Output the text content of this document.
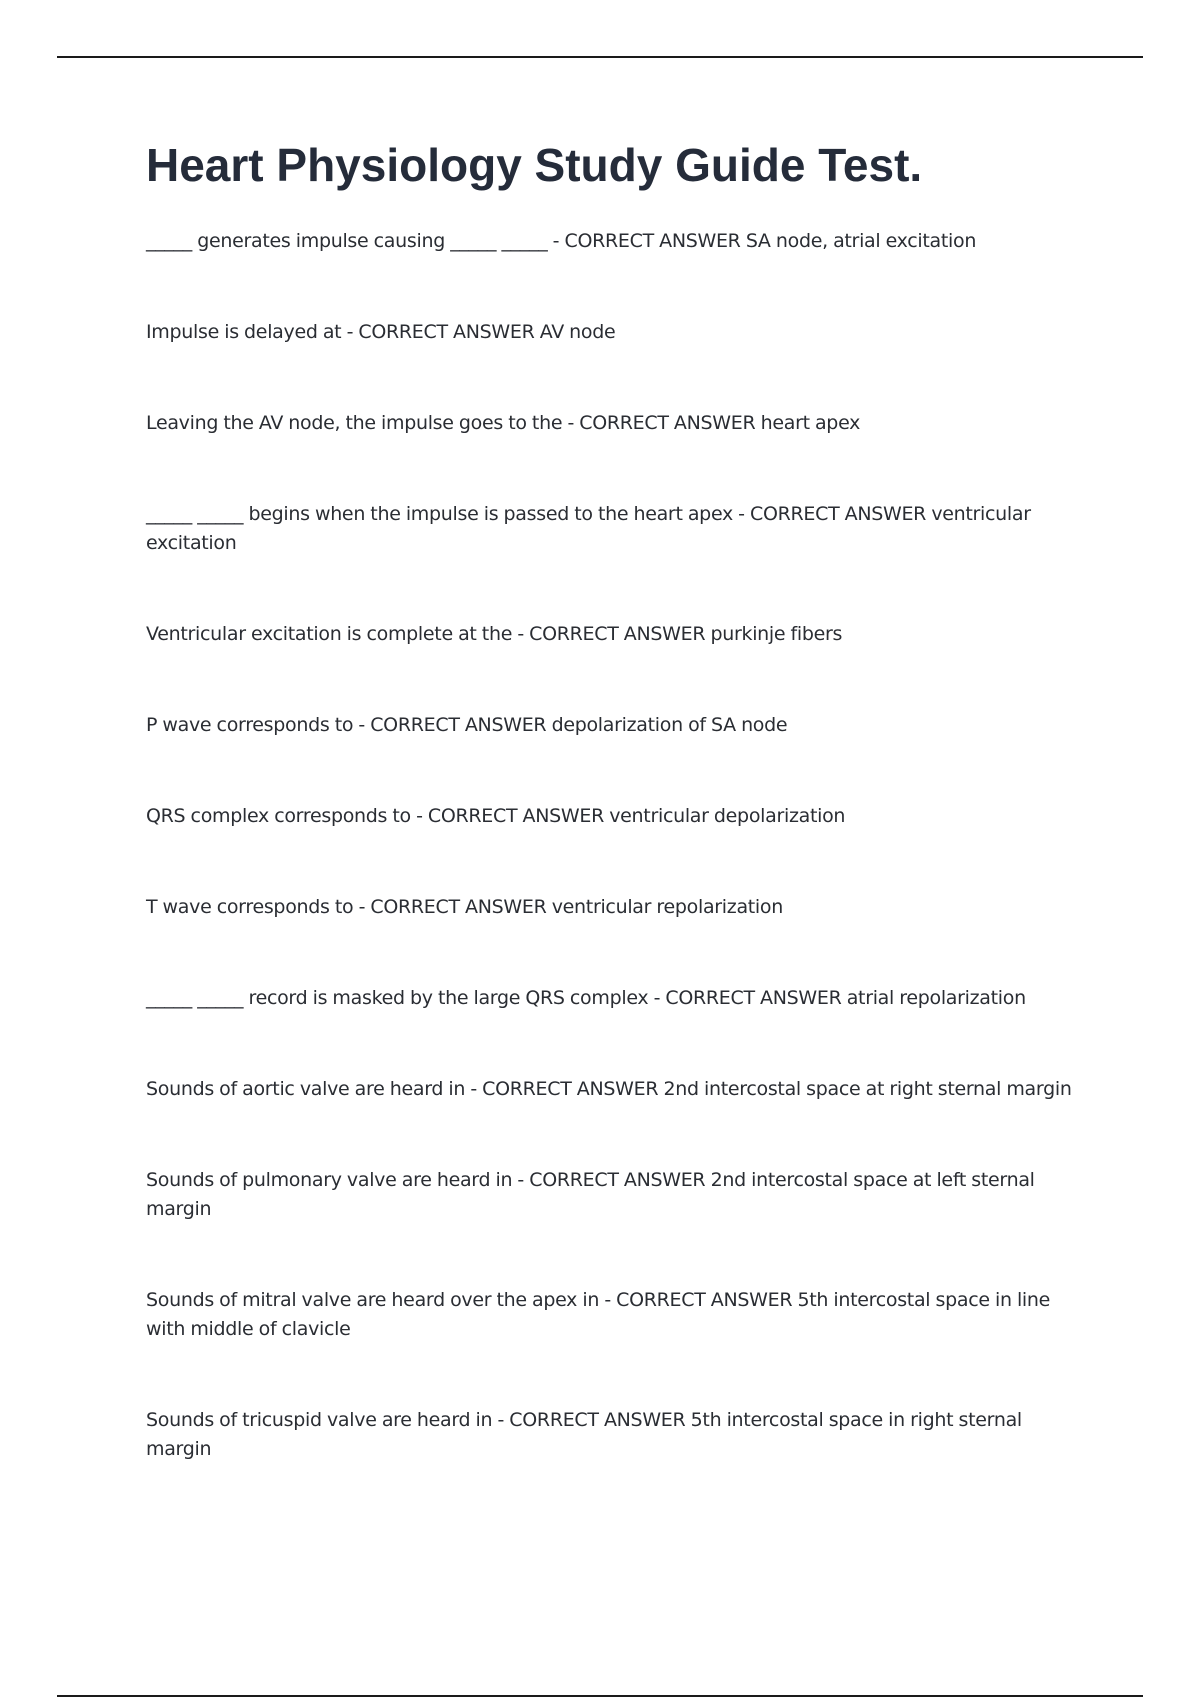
Heart Physiology Study Guide Test.
_____ generates impulse causing _____ _____ - CORRECT ANSWER SA node, atrial excitation
Impulse is delayed at - CORRECT ANSWER AV node
Leaving the AV node, the impulse goes to the - CORRECT ANSWER heart apex
_____ _____ begins when the impulse is passed to the heart apex - CORRECT ANSWER ventricular excitation
Ventricular excitation is complete at the - CORRECT ANSWER purkinje fibers
P wave corresponds to - CORRECT ANSWER depolarization of SA node
QRS complex corresponds to - CORRECT ANSWER ventricular depolarization
T wave corresponds to - CORRECT ANSWER ventricular repolarization
_____ _____ record is masked by the large QRS complex - CORRECT ANSWER atrial repolarization
Sounds of aortic valve are heard in - CORRECT ANSWER 2nd intercostal space at right sternal margin
Sounds of pulmonary valve are heard in - CORRECT ANSWER 2nd intercostal space at left sternal margin
Sounds of mitral valve are heard over the apex in - CORRECT ANSWER 5th intercostal space in line with middle of clavicle
Sounds of tricuspid valve are heard in - CORRECT ANSWER 5th intercostal space in right sternal margin
